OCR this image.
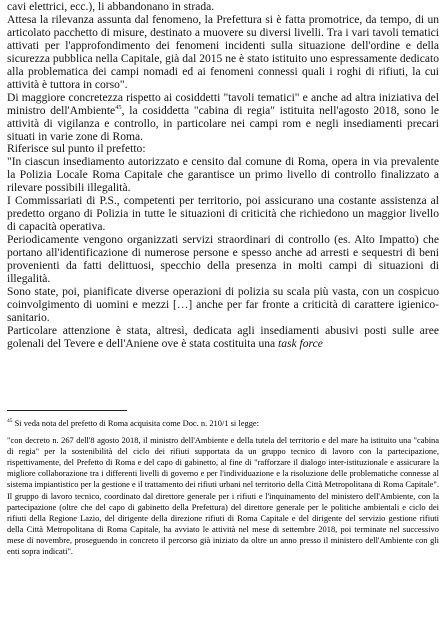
cavi elettrici, ecc.), li abbandonano in strada.

Attesa la rilevanza assunta dal fenomeno, la Prefettura si è fatta promotrice, da tempo, di un articolato pacchetto di misure, destinato a muovere su diversi livelli. Tra i vari tavoli tematici attivati per l'approfondimento dei fenomeni incidenti sulla situazione dell'ordine e della sicurezza pubblica nella Capitale, già dal 2015 ne è stato istituito uno espressamente dedicato alla problematica dei campi nomadi ed ai fenomeni connessi quali i roghi di rifiuti, la cui attività è tuttora in corso".

Di maggiore concretezza rispetto ai cosiddetti "tavoli tematici" e anche ad altra iniziativa del ministro dell'Ambiente$^{45}$, la cosiddetta "cabina di regia" istituita nell'agosto 2018, sono le attività di vigilanza e controllo, in particolare nei campi rom e negli insediamenti precari situati in varie zone di Roma.

Riferisce sul punto il prefetto:

"In ciascun insediamento autorizzato e censito dal comune di Roma, opera in via prevalente la Polizia Locale Roma Capitale che garantisce un primo livello di controllo finalizzato a rilevare possibili illegalità.

I Commissariati di P.S., competenti per territorio, poi assicurano una costante assistenza al predetto organo di Polizia in tutte le situazioni di criticità che richiedono un maggior livello di capacità operativa.

Periodicamente vengono organizzati servizi straordinari di controllo (es. Alto Impatto) che portano all'identificazione di numerose persone e spesso anche ad arresti e sequestri di beni provenienti da fatti delittuosi, specchio della presenza in molti campi di situazioni di illegalità.

Sono state, poi, pianificate diverse operazioni di polizia su scala più vasta, con un cospicuo coinvolgimento di uomini e mezzi […] anche per far fronte a criticità di carattere igienico-sanitario.

Particolare attenzione è stata, altresì, dedicata agli insediamenti abusivi posti sulle aree golenali del Tevere e dell'Aniene ove è stata costituita una task force

$^{45}$ Si veda nota del prefetto di Roma acquisita come Doc. n. 210/1 si legge:

"con decreto n. 267 dell'8 agosto 2018, il ministro dell'Ambiente e della tutela del territorio e del mare ha istituito una "cabina di regia" per la sostenibilità del ciclo dei rifiuti supportata da un gruppo tecnico di lavoro con la partecipazione, rispettivamente, del Prefetto di Roma e del capo di gabinetto, al fine di "rafforzare il dialogo inter-istituzionale e assicurare la migliore collaborazione tra i differenti livelli di governo e per l'individuazione e la risoluzione delle problematiche connesse al sistema impiantistico per la gestione e il trattamento dei rifiuti urbani nel territorio della Città Metropolitana di Roma Capitale". Il gruppo di lavoro tecnico, coordinato dal direttore generale per i rifiuti e l'inquinamento del ministero dell'Ambiente, con la partecipazione (oltre che del capo di gabinetto della Prefettura) del direttore generale per le politiche ambientali e ciclo dei rifiuti della Regione Lazio, del dirigente della direzione rifiuti di Roma Capitale e del dirigente del servizio gestione rifiuti della Città Metropolitana di Roma Capitale, ha avviato le attività nel mese di settembre 2018, poi terminate nel successivo mese di novembre, proseguendo in concreto il percorso già iniziato da oltre un anno presso il ministero dell'Ambiente con gli enti sopra indicati".
